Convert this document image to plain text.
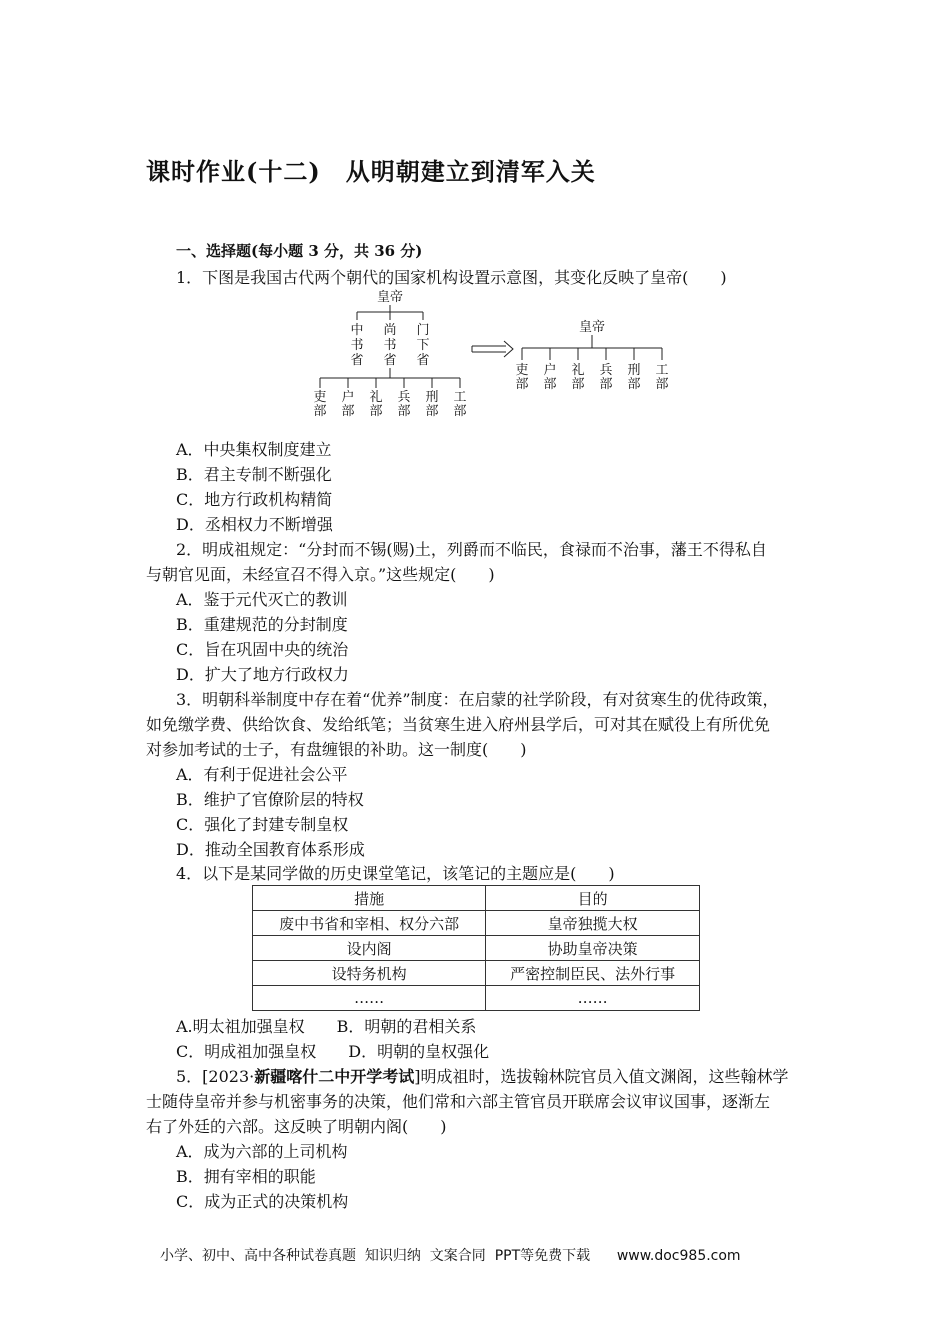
课时作业(十二)　从明朝建立到清军入关
一、选择题(每小题 3 分，共 36 分)
1．下图是我国古代两个朝代的国家机构设置示意图，其变化反映了皇帝(　　)
皇帝
中
书
省
尚
书
省
门
下
省
吏部
户部
礼部
兵部
刑部
工部
皇帝
吏部
户部
礼部
兵部
刑部
工部
A．中央集权制度建立
B．君主专制不断强化
C．地方行政机构精简
D．丞相权力不断增强
2．明成祖规定：“分封而不锡(赐)土，列爵而不临民，食禄而不治事，藩王不得私自
与朝官见面，未经宣召不得入京。”这些规定(　　)
A．鉴于元代灭亡的教训
B．重建规范的分封制度
C．旨在巩固中央的统治
D．扩大了地方行政权力
3．明朝科举制度中存在着“优养”制度：在启蒙的社学阶段，有对贫寒生的优待政策，
如免缴学费、供给饮食、发给纸笔；当贫寒生进入府州县学后，可对其在赋役上有所优免
对参加考试的士子，有盘缠银的补助。这一制度(　　)
A．有利于促进社会公平
B．维护了官僚阶层的特权
C．强化了封建专制皇权
D．推动全国教育体系形成
4．以下是某同学做的历史课堂笔记，该笔记的主题应是(　　)
措施	目的
废中书省和宰相、权分六部	皇帝独揽大权
设内阁	协助皇帝决策
设特务机构	严密控制臣民、法外行事
……	……
A.明太祖加强皇权　　B．明朝的君相关系
C．明成祖加强皇权　　D．明朝的皇权强化
5．[2023·新疆喀什二中开学考试]明成祖时，选拔翰林院官员入值文渊阁，这些翰林学
士随侍皇帝并参与机密事务的决策，他们常和六部主管官员开联席会议审议国事，逐渐左
右了外廷的六部。这反映了明朝内阁(　　)
A．成为六部的上司机构
B．拥有宰相的职能
C．成为正式的决策机构
小学、初中、高中各种试卷真题  知识归纳  文案合同  PPT等免费下载      www.doc985.com
